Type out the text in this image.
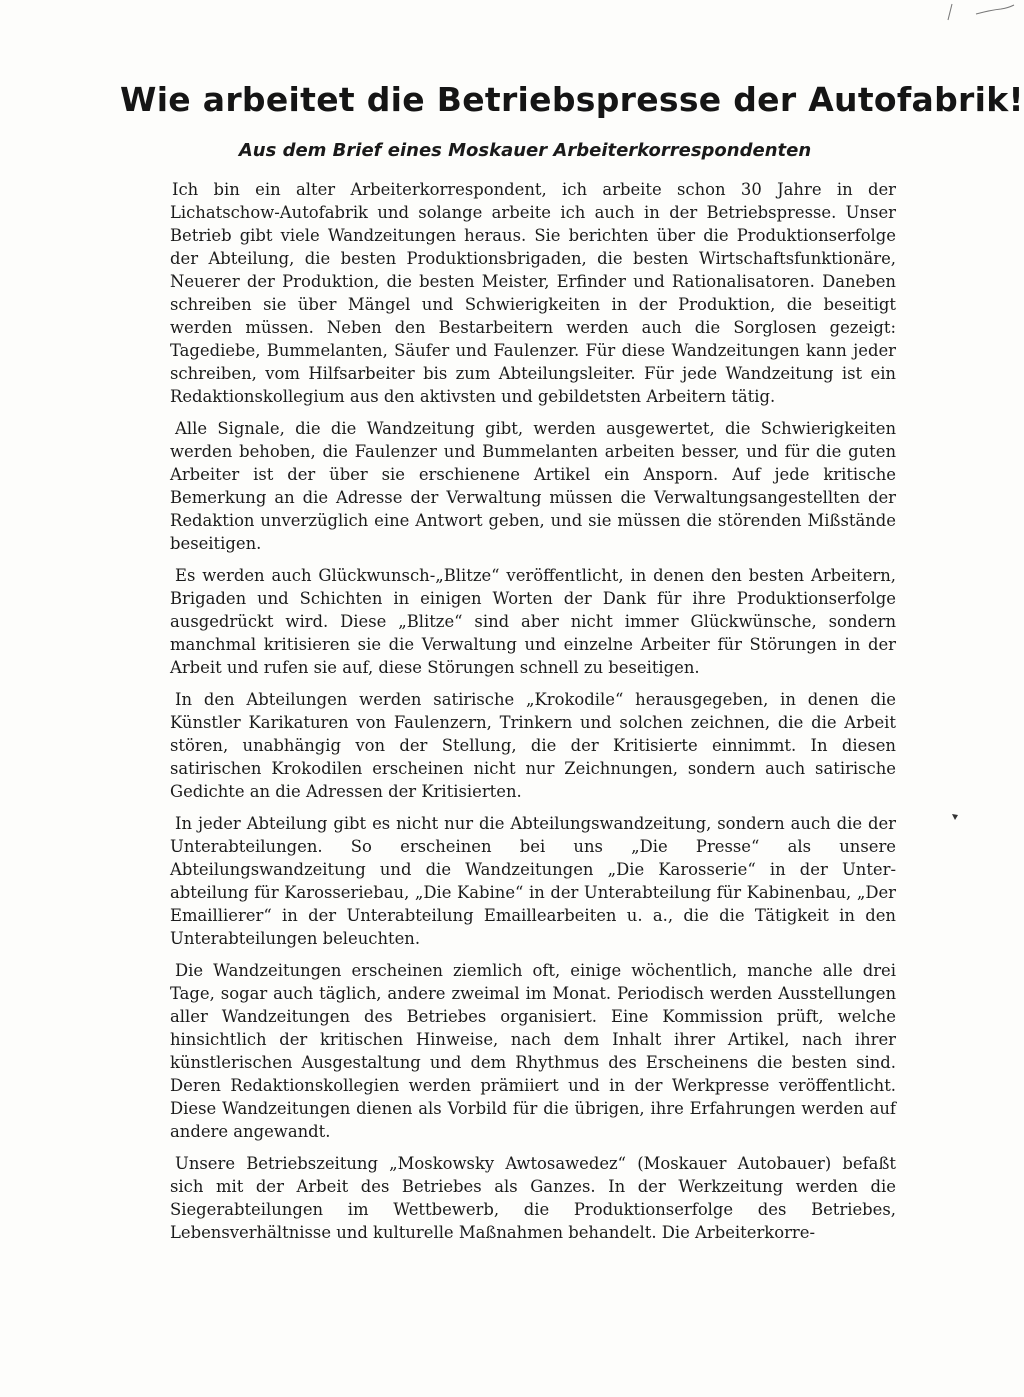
Wie arbeitet die Betriebspresse der Autofabrik!
Aus dem Brief eines Moskauer Arbeiterkorrespondenten

Ich bin ein alter Arbeiterkorrespondent, ich arbeite schon 30 Jahre in der Lichatschow-Autofabrik und solange arbeite ich auch in der Betriebspresse. Unser Betrieb gibt viele Wandzeitungen heraus. Sie berichten über die Produktionserfolge der Abteilung, die besten Produktionsbrigaden, die besten Wirtschaftsfunktionäre, Neuerer der Produktion, die besten Meister, Erfinder und Rationalisatoren. Daneben schreiben sie über Mängel und Schwierigkeiten in der Produktion, die beseitigt werden müssen. Neben den Bestarbeitern werden auch die Sorglosen gezeigt: Tagediebe, Bummelanten, Säufer und Faulenzer. Für diese Wandzeitungen kann jeder schreiben, vom Hilfsarbeiter bis zum Abteilungsleiter. Für jede Wandzeitung ist ein Redaktionskollegium aus den aktivsten und gebildetsten Arbeitern tätig.

Alle Signale, die die Wandzeitung gibt, werden ausgewertet, die Schwierigkeiten werden behoben, die Faulenzer und Bummelanten arbeiten besser, und für die guten Arbeiter ist der über sie erschienene Artikel ein Ansporn. Auf jede kritische Bemerkung an die Adresse der Verwaltung müssen die Verwaltungsangestellten der Redaktion unverzüglich eine Antwort geben, und sie müssen die störenden Mißstände beseitigen.

Es werden auch Glückwunsch-„Blitze“ veröffentlicht, in denen den besten Arbeitern, Brigaden und Schichten in einigen Worten der Dank für ihre Produktionserfolge ausgedrückt wird. Diese „Blitze“ sind aber nicht immer Glückwünsche, sondern manchmal kritisieren sie die Verwaltung und einzelne Arbeiter für Störungen in der Arbeit und rufen sie auf, diese Störungen schnell zu beseitigen.

In den Abteilungen werden satirische „Krokodile“ herausgegeben, in denen die Künstler Karikaturen von Faulenzern, Trinkern und solchen zeichnen, die die Arbeit stören, unabhängig von der Stellung, die der Kritisierte einnimmt. In diesen satirischen Krokodilen erscheinen nicht nur Zeichnungen, sondern auch satirische Gedichte an die Adressen der Kritisierten.

In jeder Abteilung gibt es nicht nur die Abteilungswandzeitung, sondern auch die der Unterabteilungen. So erscheinen bei uns „Die Presse“ als unsere Abteilungswandzeitung und die Wandzeitungen „Die Karosserie“ in der Unterabteilung für Karosseriebau, „Die Kabine“ in der Unterabteilung für Kabinenbau, „Der Emaillierer“ in der Unterabteilung Emaillearbeiten u. a., die die Tätigkeit in den Unterabteilungen beleuchten.

Die Wandzeitungen erscheinen ziemlich oft, einige wöchentlich, manche alle drei Tage, sogar auch täglich, andere zweimal im Monat. Periodisch werden Ausstellungen aller Wandzeitungen des Betriebes organisiert. Eine Kommission prüft, welche hinsichtlich der kritischen Hinweise, nach dem Inhalt ihrer Artikel, nach ihrer künstlerischen Ausgestaltung und dem Rhythmus des Erscheinens die besten sind. Deren Redaktionskollegien werden prämiiert und in der Werkpresse veröffentlicht. Diese Wandzeitungen dienen als Vorbild für die übrigen, ihre Erfahrungen werden auf andere angewandt.

Unsere Betriebszeitung „Moskowsky Awtosawedez“ (Moskauer Autobauer) befaßt sich mit der Arbeit des Betriebes als Ganzes. In der Werkzeitung werden die Siegerabteilungen im Wettbewerb, die Produktionserfolge des Betriebes, Lebensverhältnisse und kulturelle Maßnahmen behandelt. Die Arbeiterkorre-
